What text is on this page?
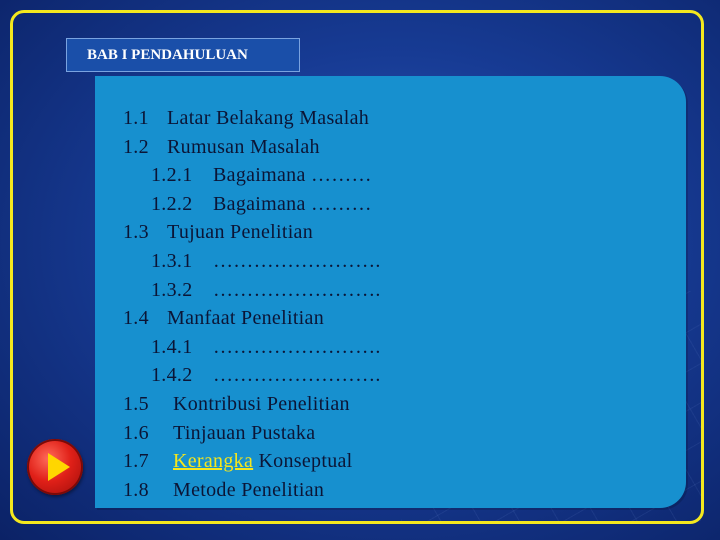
BAB I PENDAHULUAN
1.1 Latar Belakang Masalah
1.2 Rumusan Masalah
1.2.1 Bagaimana ………
1.2.2 Bagaimana ………
1.3 Tujuan Penelitian
1.3.1 …………………….
1.3.2 …………………….
1.4 Manfaat Penelitian
1.4.1 …………………….
1.4.2 …………………….
1.5 Kontribusi Penelitian
1.6 Tinjauan Pustaka
1.7 Kerangka Konseptual
1.8 Metode Penelitian
